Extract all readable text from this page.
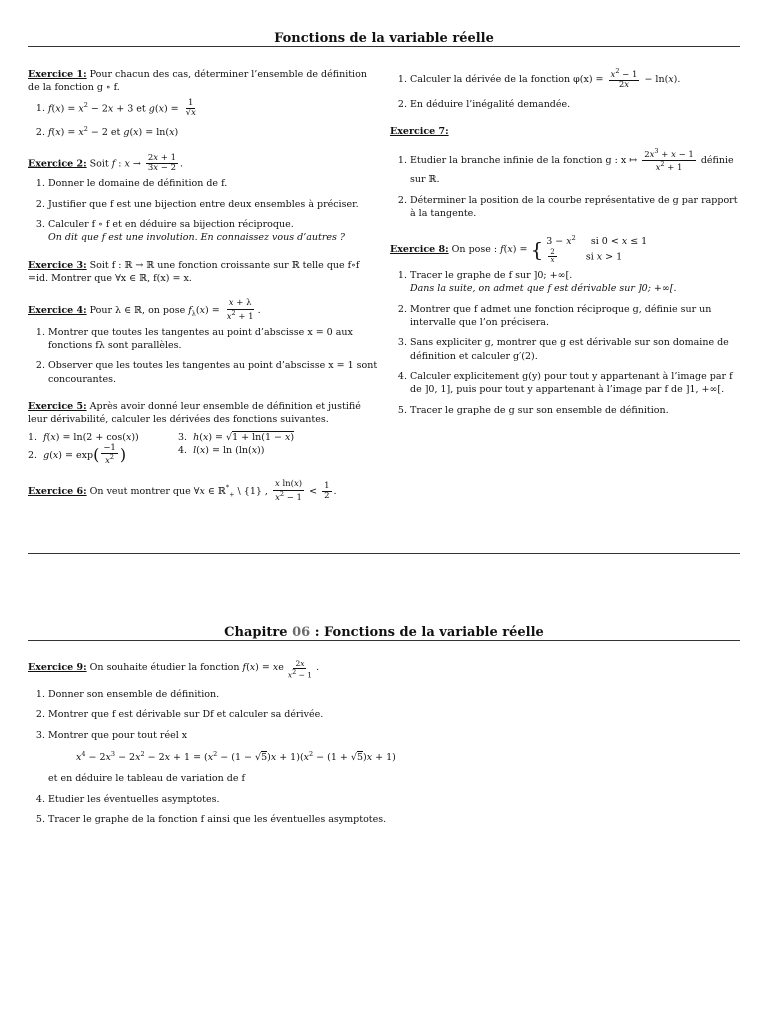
Fonctions de la variable réelle
Exercice 1: Pour chacun des cas, déterminer l’ensemble de définition de la fonction g ∘ f.
1. $f(x) = x^2 - 2x + 3$ et $g(x) = \frac{1}{√x}$
2. $f(x) = x^2 - 2$ et g(x) = ln(x)
Exercice 2: Soit f : $x \to \frac{2x + 1}{3x - 2}$ .
1. Donner le domaine de définition de f.
2. Justifier que f est une bijection entre deux ensembles à préciser.
3. Calculer f ∘ f et en déduire sa bijection réciproque.
On dit que f est une involution. En connaissez vous d’autres ?
Exercice 3: Soit f : ℝ → ℝ une fonction croissante sur ℝ telle que f∘f =id. Montrer que ∀x ∈ ℝ, f(x) = x.
Exercice 4: Pour λ ∈ ℝ, on pose $f_\lambda(x) = \frac{x + \lambda}{x^2 + 1}$ .
1. Montrer que toutes les tangentes au point d’abscisse x = 0 aux fonctions fλ sont parallèles.
2. Observer que les toutes les tangentes au point d’abscisse x = 1 sont concourantes.
Exercice 5: Après avoir donné leur ensemble de définition et justifié leur dérivabilité, calculer les dérivées des fonctions suivantes.
1.  f(x) = ln(2 + cos(x))	3.  h(x) = √1 + ln(1 − x)
2.  $g(x) = \exp( \frac{-1}{x^2}$ )	4.  l(x) = ln (ln(x))
Exercice 6: On veut montrer que ∀x ∈ ℝ*$_+$ \ {1} , $\frac{\text{x ln(x)}}{x^2 - 1} < \frac{1}{2}$ .
1. Calculer la dérivée de la fonction $\varphi(x) = \frac{x^2 - 1}{2x} - \ln(x)$.
2. En déduire l’inégalité demandée.
Exercice 7:
1. Etudier la branche infinie de la fonction g : x ↦ $\frac{2x^3 + x - 1}{x^2 + 1}$ définie sur ℝ.
2. Déterminer la position de la courbe représentative de g par rapport à la tangente.
Exercice 8: On pose : f(x) = { $3 - x^2$     si 0 < x ≤ 1

$\frac{2}{x}$ si x > 1
1. Tracer le graphe de f sur ]0; +∞[.
Dans la suite, on admet que f est dérivable sur ]0; +∞[.
2. Montrer que f admet une fonction réciproque g, définie sur un intervalle que l’on précisera.
3. Sans expliciter g, montrer que g est dérivable sur son domaine de définition et calculer g′(2).
4. Calculer explicitement g(y) pour tout y appartenant à l’image par f de ]0, 1], puis pour tout y appartenant à l’image par f de ]1, +∞[.
5. Tracer le graphe de g sur son ensemble de définition.
Chapitre 06 : Fonctions de la variable réelle
Exercice 9: On souhaite étudier la fonction f(x) = xe $\frac{2x}{x^2 - 1}$ .
1. Donner son ensemble de définition.
2. Montrer que f est dérivable sur Df et calculer sa dérivée.
3. Montrer que pour tout réel x
$x^4 - 2x^3 - 2x^2 - 2x + 1 = (x^2 - (1 - √5)x + 1)(x^2 - (1 + √5)x + 1)$
et en déduire le tableau de variation de f
4. Etudier les éventuelles asymptotes.
5. Tracer le graphe de la fonction f ainsi que les éventuelles asymptotes.
